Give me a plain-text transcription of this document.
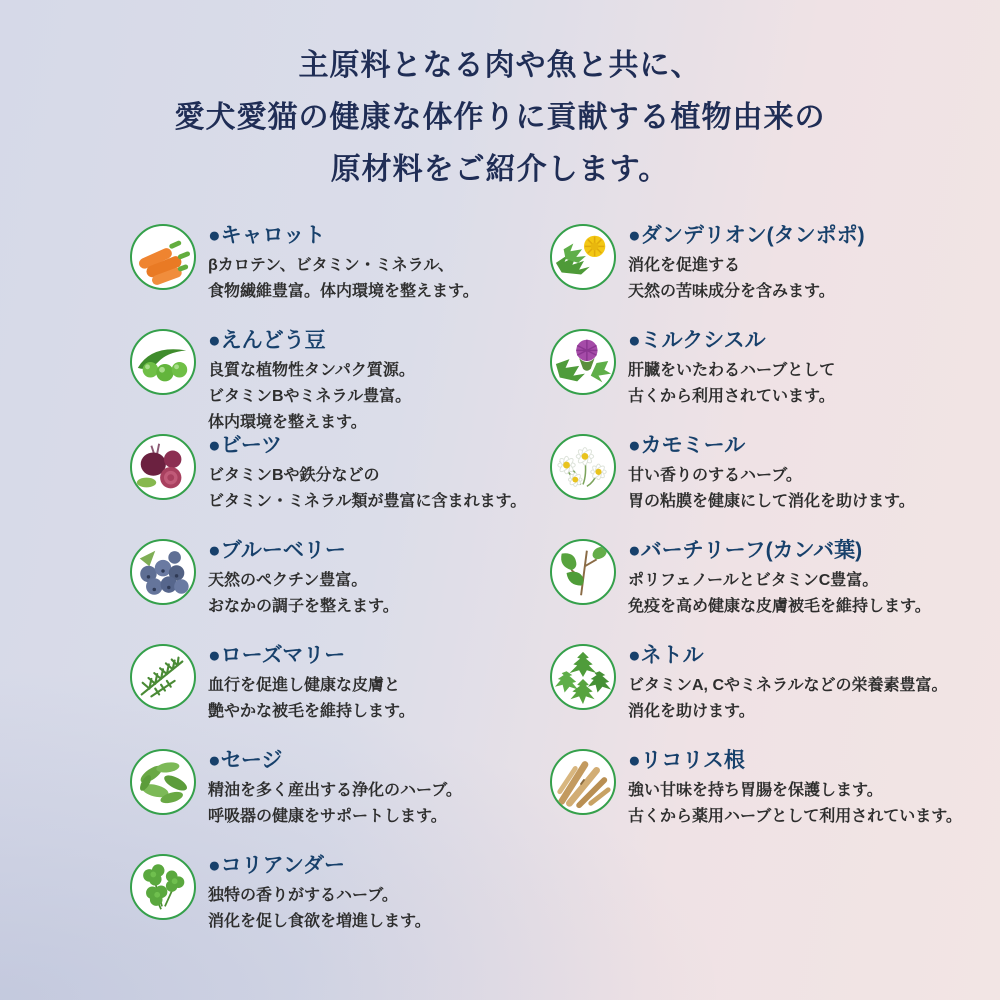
主原料となる肉や魚と共に、
愛犬愛猫の健康な体作りに貢献する植物由来の
原材料をご紹介します。
●キャロット

βカロテン、ビタミン・ミネラル、
食物繊維豊富。体内環境を整えます。

●えんどう豆

良質な植物性タンパク質源。
ビタミンBやミネラル豊富。
体内環境を整えます。

●ビーツ

ビタミンBや鉄分などの
ビタミン・ミネラル類が豊富に含まれます。

●ブルーベリー

天然のペクチン豊富。
おなかの調子を整えます。

●ローズマリー

血行を促進し健康な皮膚と
艶やかな被毛を維持します。

●セージ

精油を多く産出する浄化のハーブ。
呼吸器の健康をサポートします。

●コリアンダー

独特の香りがするハーブ。
消化を促し食欲を増進します。

●ダンデリオン(タンポポ)

消化を促進する
天然の苦味成分を含みます。

●ミルクシスル

肝臓をいたわるハーブとして
古くから利用されています。

●カモミール

甘い香りのするハーブ。
胃の粘膜を健康にして消化を助けます。

●バーチリーフ(カンバ葉)

ポリフェノールとビタミンC豊富。
免疫を高め健康な皮膚被毛を維持します。

●ネトル

ビタミンA, Cやミネラルなどの栄養素豊富。
消化を助けます。

●リコリス根

強い甘味を持ち胃腸を保護します。
古くから薬用ハーブとして利用されています。
